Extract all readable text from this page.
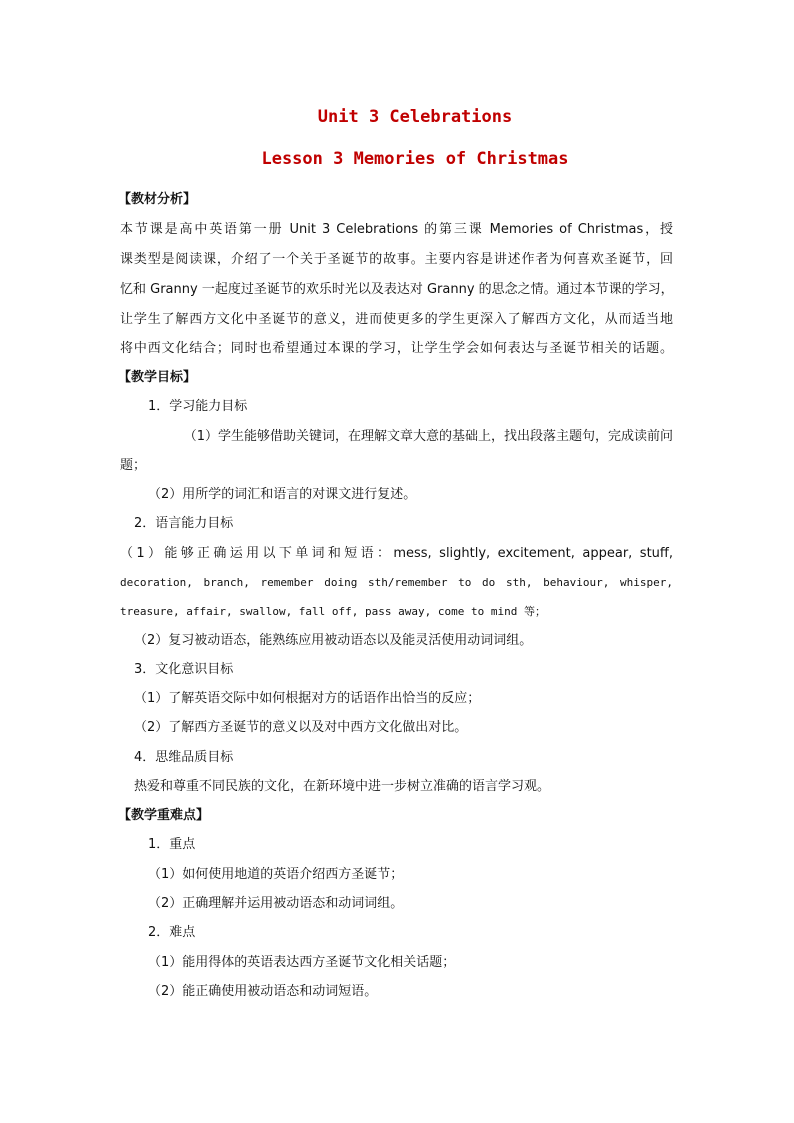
Unit 3 Celebrations
Lesson 3 Memories of Christmas
【教材分析】
本节课是高中英语第一册 Unit 3 Celebrations 的第三课 Memories of Christmas，授
课类型是阅读课，介绍了一个关于圣诞节的故事。主要内容是讲述作者为何喜欢圣诞节，回
忆和 Granny 一起度过圣诞节的欢乐时光以及表达对 Granny 的思念之情。通过本节课的学习，
让学生了解西方文化中圣诞节的意义，进而使更多的学生更深入了解西方文化，从而适当地
将中西文化结合；同时也希望通过本课的学习，让学生学会如何表达与圣诞节相关的话题。
【教学目标】
1．学习能力目标
（1）学生能够借助关键词，在理解文章大意的基础上，找出段落主题句，完成读前问
题；
（2）用所学的词汇和语言的对课文进行复述。
2．语言能力目标
（1）能够正确运用以下单词和短语：mess, slightly, excitement, appear, stuff,
decoration, branch, remember doing sth/remember to do sth, behaviour, whisper,
treasure, affair, swallow, fall off, pass away, come to mind 等；
（2）复习被动语态，能熟练应用被动语态以及能灵活使用动词词组。
3．文化意识目标
（1）了解英语交际中如何根据对方的话语作出恰当的反应；
（2）了解西方圣诞节的意义以及对中西方文化做出对比。
4．思维品质目标
热爱和尊重不同民族的文化，在新环境中进一步树立准确的语言学习观。
【教学重难点】
1．重点
（1）如何使用地道的英语介绍西方圣诞节；
（2）正确理解并运用被动语态和动词词组。
2．难点
（1）能用得体的英语表达西方圣诞节文化相关话题；
（2）能正确使用被动语态和动词短语。
